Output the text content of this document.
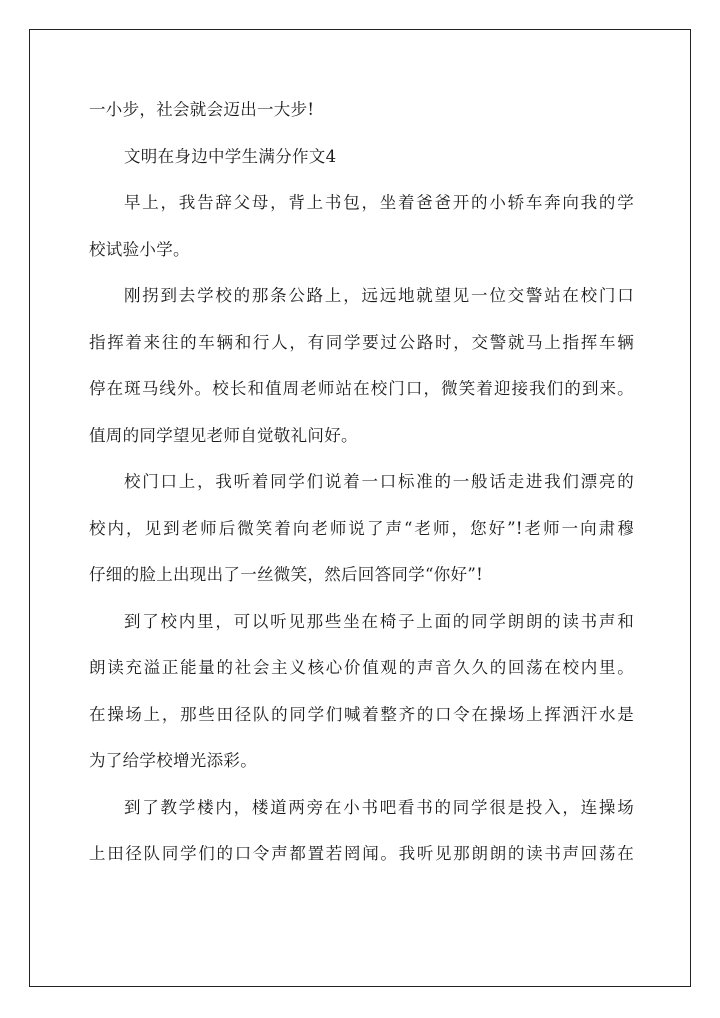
一小步，社会就会迈出一大步!
文明在身边中学生满分作文4
早上，我告辞父母，背上书包，坐着爸爸开的小轿车奔向我的学
校试验小学。
刚拐到去学校的那条公路上，远远地就望见一位交警站在校门口
指挥着来往的车辆和行人，有同学要过公路时，交警就马上指挥车辆
停在斑马线外。校长和值周老师站在校门口，微笑着迎接我们的到来。
值周的同学望见老师自觉敬礼问好。
校门口上，我听着同学们说着一口标准的一般话走进我们漂亮的
校内，见到老师后微笑着向老师说了声“老师，您好”!老师一向肃穆
仔细的脸上出现出了一丝微笑，然后回答同学“你好”!
到了校内里，可以听见那些坐在椅子上面的同学朗朗的读书声和
朗读充溢正能量的社会主义核心价值观的声音久久的回荡在校内里。
在操场上，那些田径队的同学们喊着整齐的口令在操场上挥洒汗水是
为了给学校增光添彩。
到了教学楼内，楼道两旁在小书吧看书的同学很是投入，连操场
上田径队同学们的口令声都置若罔闻。我听见那朗朗的读书声回荡在
